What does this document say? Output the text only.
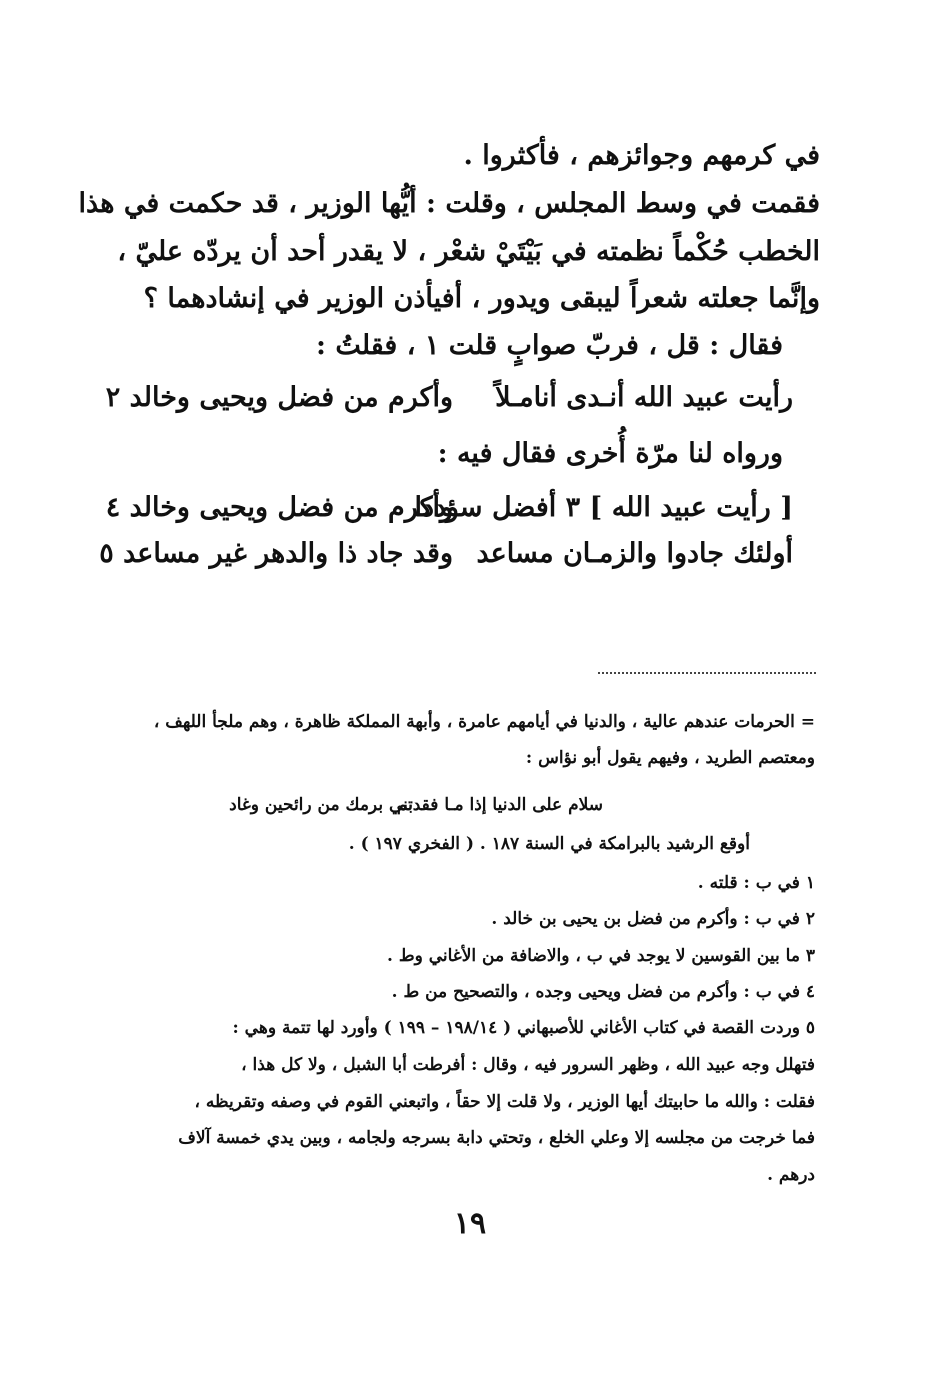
في كرمهم وجوائزهم ، فأكثروا .
فقمت في وسط المجلس ، وقلت : أيُّها الوزير ، قد حكمت في هذا
الخطب حُكْماً نظمته في بَيْتَيْ شعْر ، لا يقدر أحد أن يردّه عليّ ،
وإنَّما جعلته شعراً ليبقى ويدور ، أفيأذن الوزير في إنشادهما ؟
فقال : قل ، فربّ صوابٍ قلت ١ ، فقلتُ :
رأيت عبيد الله أنـدى أنامـلاً
وأكرم من فضل ويحيى وخالد ٢
ورواه لنا مرّة أُخرى فقال فيه :
[ رأيت عبيد الله ] ٣ أفضل سؤددا
وأكرم من فضل ويحيى وخالد ٤
أولئك جادوا والزمـان مساعد
وقد جاد ذا والدهر غير مساعد ٥
= الحرمات عندهم عالية ، والدنيا في أيامهم عامرة ، وأبهة المملكة ظاهرة ، وهم ملجأ اللهف ،
ومعتصم الطريد ، وفيهم يقول أبو نؤاس :
سلام على الدنيا إذا مـا فقدتم
بني برمك من رائحين وغاد
أوقع الرشيد بالبرامكة في السنة ١٨٧ . ( الفخري ١٩٧ ) .
١ في ب : قلته .
٢ في ب : وأكرم من فضل بن يحيى بن خالد .
٣ ما بين القوسين لا يوجد في ب ، والاضافة من الأغاني وط .
٤ في ب : وأكرم من فضل ويحيى وجده ، والتصحيح من ط .
٥ وردت القصة في كتاب الأغاني للأصبهاني ( ١٩٨/١٤ – ١٩٩ ) وأورد لها تتمة وهي :
فتهلل وجه عبيد الله ، وظهر السرور فيه ، وقال : أفرطت أبا الشبل ، ولا كل هذا ،
فقلت : والله ما حابيتك أيها الوزير ، ولا قلت إلا حقاً ، واتبعني القوم في وصفه وتقريظه ،
فما خرجت من مجلسه إلا وعلي الخلع ، وتحتي دابة بسرجه ولجامه ، وبين يدي خمسة آلاف
درهم .
١٩
